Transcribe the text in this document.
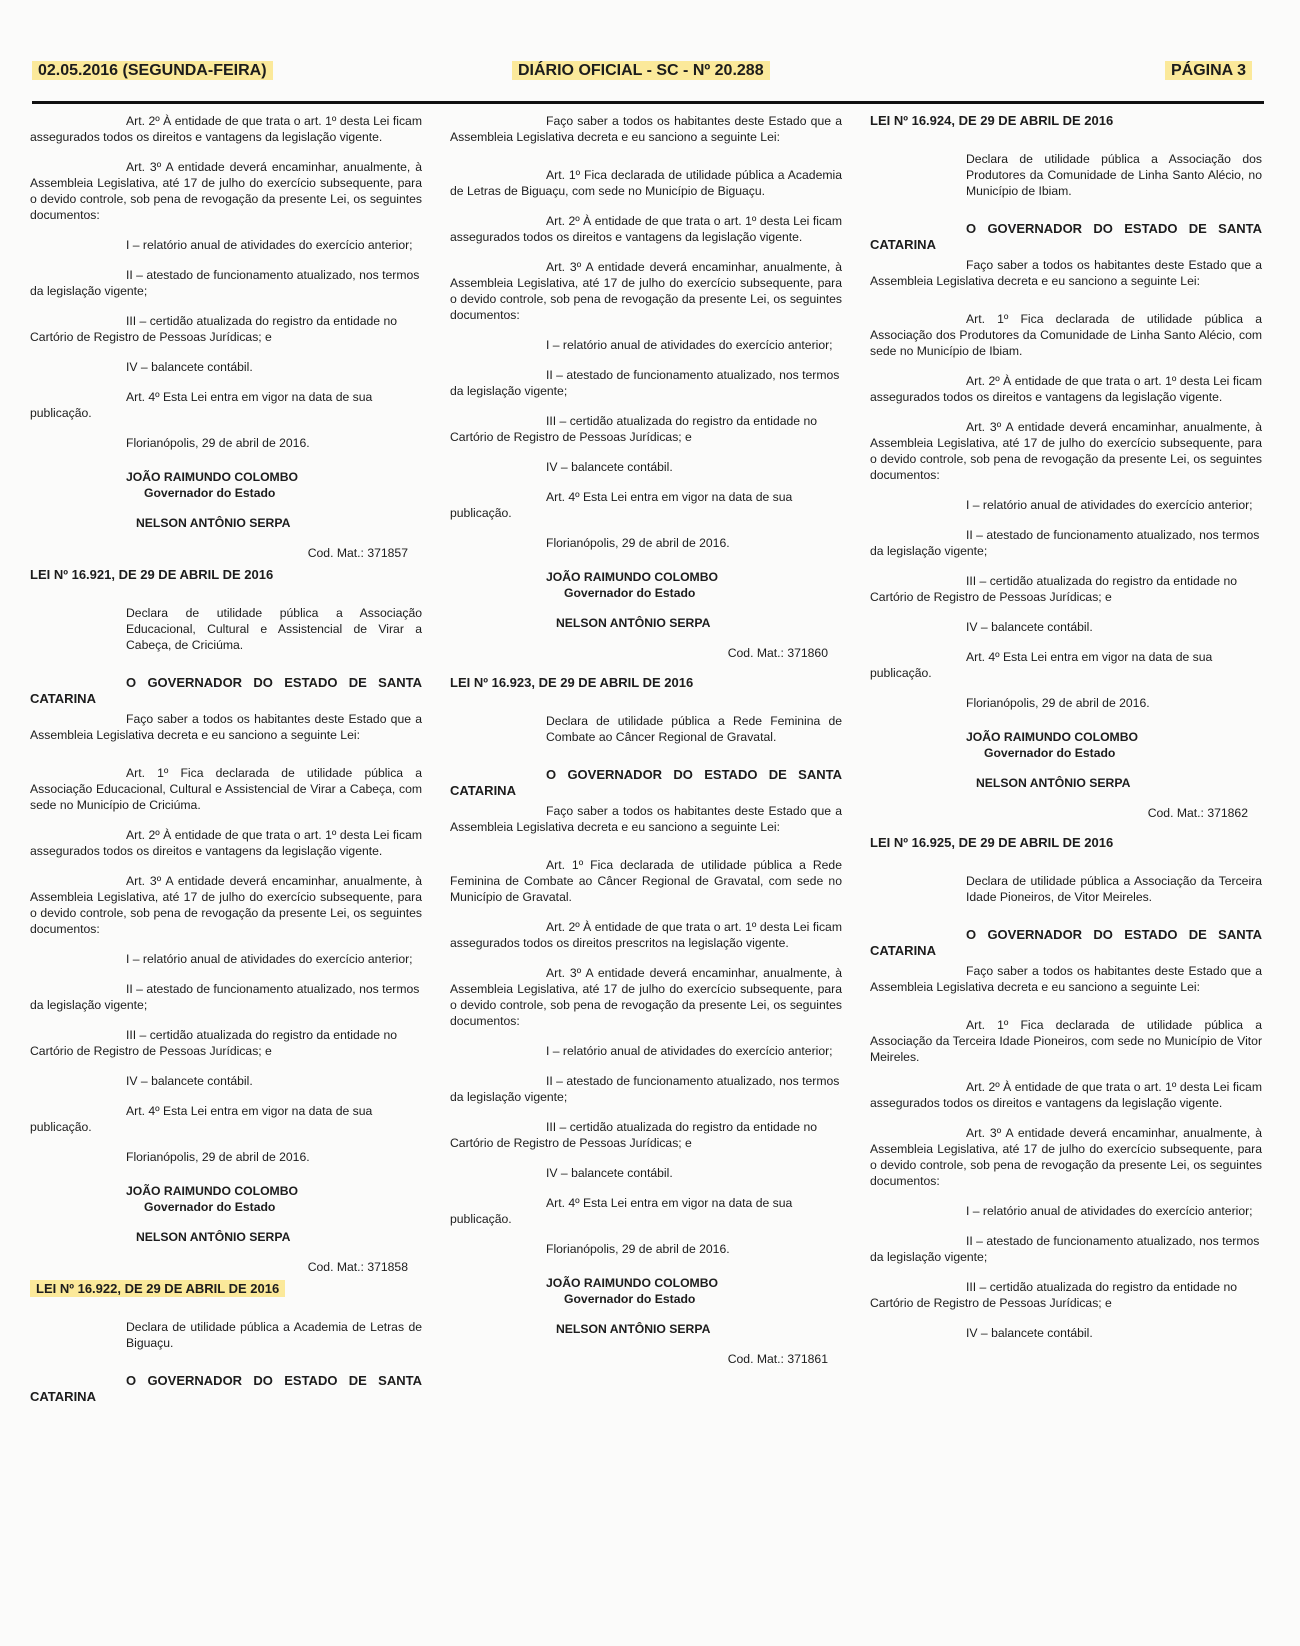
02.05.2016 (SEGUNDA-FEIRA)	DIÁRIO OFICIAL - SC - Nº 20.288	PÁGINA 3

Art. 2º À entidade de que trata o art. 1º desta Lei ficam assegurados todos os direitos e vantagens da legislação vigente.

Art. 3º A entidade deverá encaminhar, anualmente, à Assembleia Legislativa, até 17 de julho do exercício subsequente, para o devido controle, sob pena de revogação da presente Lei, os seguintes documentos:

I – relatório anual de atividades do exercício anterior;

II – atestado de funcionamento atualizado, nos termos da legislação vigente;

III – certidão atualizada do registro da entidade no Cartório de Registro de Pessoas Jurídicas; e

IV – balancete contábil.

Art. 4º Esta Lei entra em vigor na data de sua publicação.

Florianópolis, 29 de abril de 2016.

JOÃO RAIMUNDO COLOMBO
Governador do Estado
NELSON ANTÔNIO SERPA

Cod. Mat.: 371857

LEI Nº 16.921, DE 29 DE ABRIL DE 2016

Declara de utilidade pública a Associação Educacional, Cultural e Assistencial de Virar a Cabeça, de Criciúma.

O GOVERNADOR DO ESTADO DE SANTA CATARINA

Faço saber a todos os habitantes deste Estado que a Assembleia Legislativa decreta e eu sanciono a seguinte Lei:

Art. 1º Fica declarada de utilidade pública a Associação Educacional, Cultural e Assistencial de Virar a Cabeça, com sede no Município de Criciúma.

Art. 2º À entidade de que trata o art. 1º desta Lei ficam assegurados todos os direitos e vantagens da legislação vigente.

Art. 3º A entidade deverá encaminhar, anualmente, à Assembleia Legislativa, até 17 de julho do exercício subsequente, para o devido controle, sob pena de revogação da presente Lei, os seguintes documentos:

I – relatório anual de atividades do exercício anterior;

II – atestado de funcionamento atualizado, nos termos da legislação vigente;

III – certidão atualizada do registro da entidade no Cartório de Registro de Pessoas Jurídicas; e

IV – balancete contábil.

Art. 4º Esta Lei entra em vigor na data de sua publicação.

Florianópolis, 29 de abril de 2016.

JOÃO RAIMUNDO COLOMBO
Governador do Estado
NELSON ANTÔNIO SERPA

Cod. Mat.: 371858

LEI Nº 16.922, DE 29 DE ABRIL DE 2016

Declara de utilidade pública a Academia de Letras de Biguaçu.

O GOVERNADOR DO ESTADO DE SANTA CATARINA

Faço saber a todos os habitantes deste Estado que a Assembleia Legislativa decreta e eu sanciono a seguinte Lei:

Art. 1º Fica declarada de utilidade pública a Academia de Letras de Biguaçu, com sede no Município de Biguaçu.

Art. 2º À entidade de que trata o art. 1º desta Lei ficam assegurados todos os direitos e vantagens da legislação vigente.

Art. 3º A entidade deverá encaminhar, anualmente, à Assembleia Legislativa, até 17 de julho do exercício subsequente, para o devido controle, sob pena de revogação da presente Lei, os seguintes documentos:

I – relatório anual de atividades do exercício anterior;

II – atestado de funcionamento atualizado, nos termos da legislação vigente;

III – certidão atualizada do registro da entidade no Cartório de Registro de Pessoas Jurídicas; e

IV – balancete contábil.

Art. 4º Esta Lei entra em vigor na data de sua publicação.

Florianópolis, 29 de abril de 2016.

JOÃO RAIMUNDO COLOMBO
Governador do Estado
NELSON ANTÔNIO SERPA

Cod. Mat.: 371860

LEI Nº 16.923, DE 29 DE ABRIL DE 2016

Declara de utilidade pública a Rede Feminina de Combate ao Câncer Regional de Gravatal.

O GOVERNADOR DO ESTADO DE SANTA CATARINA

Faço saber a todos os habitantes deste Estado que a Assembleia Legislativa decreta e eu sanciono a seguinte Lei:

Art. 1º Fica declarada de utilidade pública a Rede Feminina de Combate ao Câncer Regional de Gravatal, com sede no Município de Gravatal.

Art. 2º À entidade de que trata o art. 1º desta Lei ficam assegurados todos os direitos prescritos na legislação vigente.

Art. 3º A entidade deverá encaminhar, anualmente, à Assembleia Legislativa, até 17 de julho do exercício subsequente, para o devido controle, sob pena de revogação da presente Lei, os seguintes documentos:

I – relatório anual de atividades do exercício anterior;

II – atestado de funcionamento atualizado, nos termos da legislação vigente;

III – certidão atualizada do registro da entidade no Cartório de Registro de Pessoas Jurídicas; e

IV – balancete contábil.

Art. 4º Esta Lei entra em vigor na data de sua publicação.

Florianópolis, 29 de abril de 2016.

JOÃO RAIMUNDO COLOMBO
Governador do Estado
NELSON ANTÔNIO SERPA

Cod. Mat.: 371861

LEI Nº 16.924, DE 29 DE ABRIL DE 2016

Declara de utilidade pública a Associação dos Produtores da Comunidade de Linha Santo Alécio, no Município de Ibiam.

O GOVERNADOR DO ESTADO DE SANTA CATARINA

Faço saber a todos os habitantes deste Estado que a Assembleia Legislativa decreta e eu sanciono a seguinte Lei:

Art. 1º Fica declarada de utilidade pública a Associação dos Produtores da Comunidade de Linha Santo Alécio, com sede no Município de Ibiam.

Art. 2º À entidade de que trata o art. 1º desta Lei ficam assegurados todos os direitos e vantagens da legislação vigente.

Art. 3º A entidade deverá encaminhar, anualmente, à Assembleia Legislativa, até 17 de julho do exercício subsequente, para o devido controle, sob pena de revogação da presente Lei, os seguintes documentos:

I – relatório anual de atividades do exercício anterior;

II – atestado de funcionamento atualizado, nos termos da legislação vigente;

III – certidão atualizada do registro da entidade no Cartório de Registro de Pessoas Jurídicas; e

IV – balancete contábil.

Art. 4º Esta Lei entra em vigor na data de sua publicação.

Florianópolis, 29 de abril de 2016.

JOÃO RAIMUNDO COLOMBO
Governador do Estado
NELSON ANTÔNIO SERPA

Cod. Mat.: 371862

LEI Nº 16.925, DE 29 DE ABRIL DE 2016

Declara de utilidade pública a Associação da Terceira Idade Pioneiros, de Vitor Meireles.

O GOVERNADOR DO ESTADO DE SANTA CATARINA

Faço saber a todos os habitantes deste Estado que a Assembleia Legislativa decreta e eu sanciono a seguinte Lei:

Art. 1º Fica declarada de utilidade pública a Associação da Terceira Idade Pioneiros, com sede no Município de Vitor Meireles.

Art. 2º À entidade de que trata o art. 1º desta Lei ficam assegurados todos os direitos e vantagens da legislação vigente.

Art. 3º A entidade deverá encaminhar, anualmente, à Assembleia Legislativa, até 17 de julho do exercício subsequente, para o devido controle, sob pena de revogação da presente Lei, os seguintes documentos:

I – relatório anual de atividades do exercício anterior;

II – atestado de funcionamento atualizado, nos termos da legislação vigente;

III – certidão atualizada do registro da entidade no Cartório de Registro de Pessoas Jurídicas; e

IV – balancete contábil.
